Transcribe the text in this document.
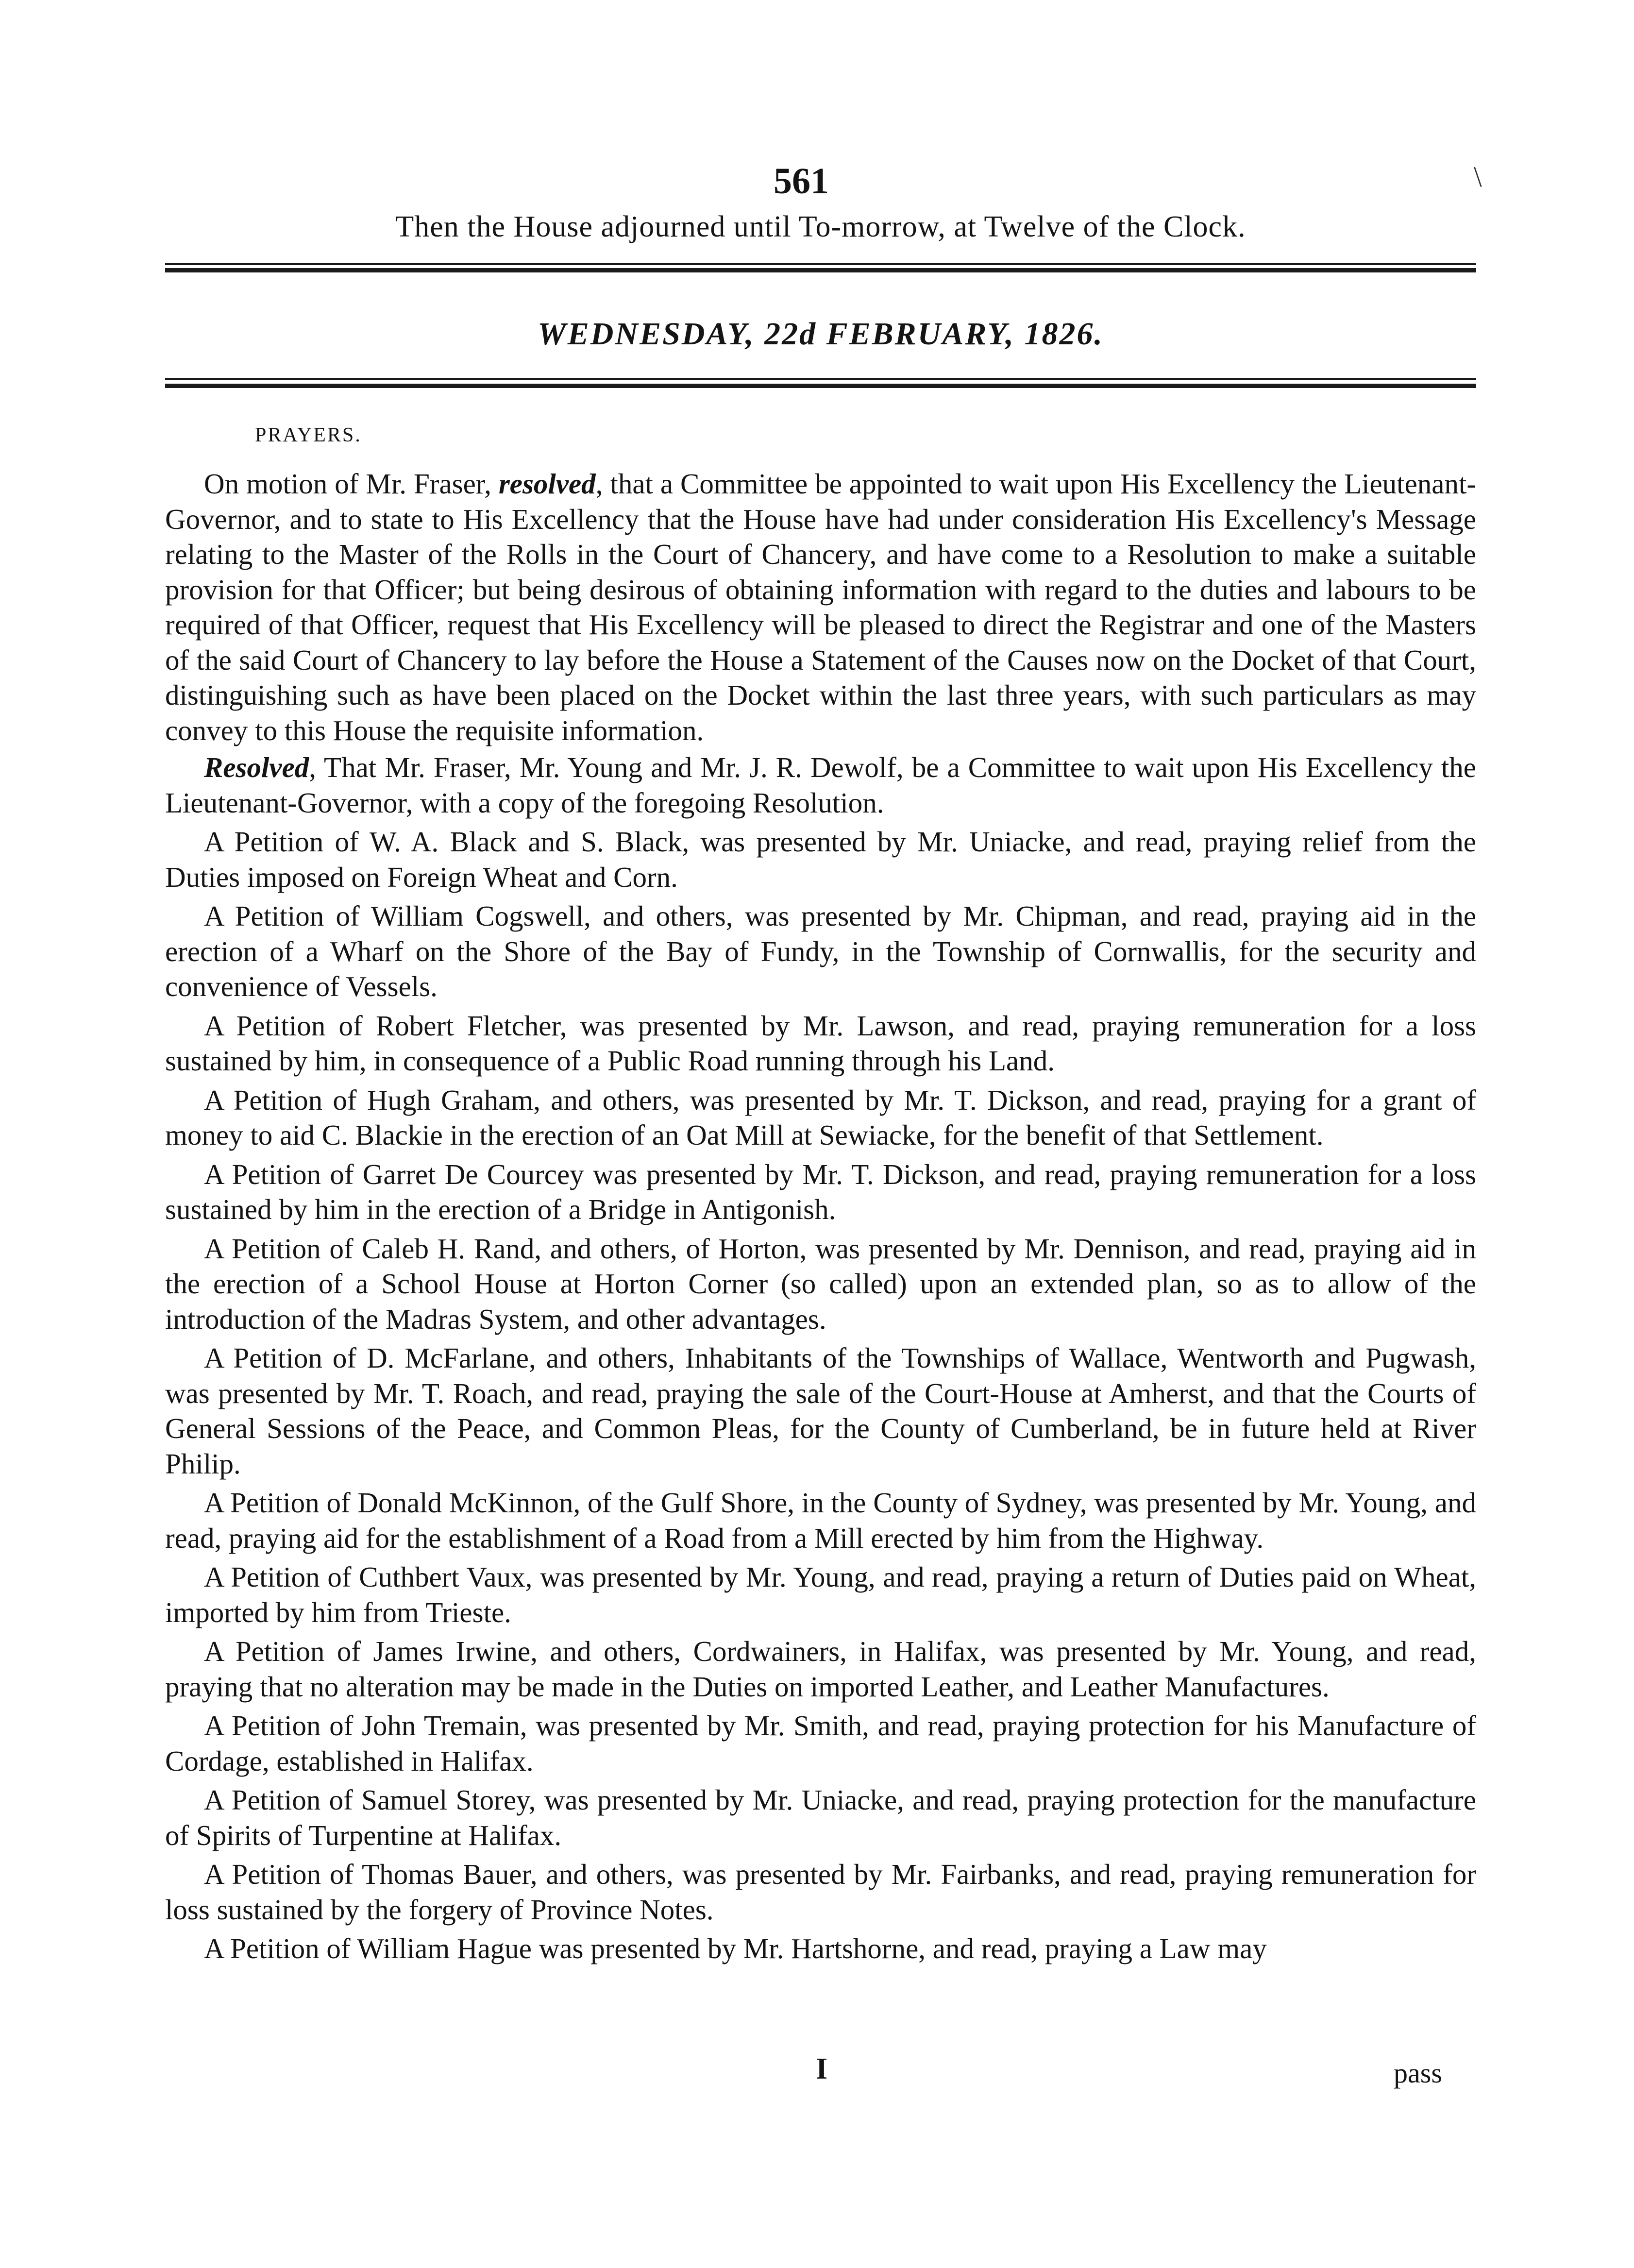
561	\
Then the House adjourned until To-morrow, at Twelve of the Clock.
WEDNESDAY, 22d FEBRUARY, 1826.
PRAYERS.

On motion of Mr. Fraser, resolved, that a Committee be appointed to wait upon His Excellency the Lieutenant-Governor, and to state to His Excellency that the House have had under consideration His Excellency's Message relating to the Master of the Rolls in the Court of Chancery, and have come to a Resolution to make a suitable provision for that Officer; but being desirous of obtaining information with regard to the duties and labours to be required of that Officer, request that His Excellency will be pleased to direct the Registrar and one of the Masters of the said Court of Chancery to lay before the House a Statement of the Causes now on the Docket of that Court, distinguishing such as have been placed on the Docket within the last three years, with such particulars as may convey to this House the requisite information.

Resolved, That Mr. Fraser, Mr. Young and Mr. J. R. Dewolf, be a Committee to wait upon His Excellency the Lieutenant-Governor, with a copy of the foregoing Resolution.

A Petition of W. A. Black and S. Black, was presented by Mr. Uniacke, and read, praying relief from the Duties imposed on Foreign Wheat and Corn.

A Petition of William Cogswell, and others, was presented by Mr. Chipman, and read, praying aid in the erection of a Wharf on the Shore of the Bay of Fundy, in the Township of Cornwallis, for the security and convenience of Vessels.

A Petition of Robert Fletcher, was presented by Mr. Lawson, and read, praying remuneration for a loss sustained by him, in consequence of a Public Road running through his Land.

A Petition of Hugh Graham, and others, was presented by Mr. T. Dickson, and read, praying for a grant of money to aid C. Blackie in the erection of an Oat Mill at Sewiacke, for the benefit of that Settlement.

A Petition of Garret De Courcey was presented by Mr. T. Dickson, and read, praying remuneration for a loss sustained by him in the erection of a Bridge in Antigonish.

A Petition of Caleb H. Rand, and others, of Horton, was presented by Mr. Dennison, and read, praying aid in the erection of a School House at Horton Corner (so called) upon an extended plan, so as to allow of the introduction of the Madras System, and other advantages.

A Petition of D. McFarlane, and others, Inhabitants of the Townships of Wallace, Wentworth and Pugwash, was presented by Mr. T. Roach, and read, praying the sale of the Court-House at Amherst, and that the Courts of General Sessions of the Peace, and Common Pleas, for the County of Cumberland, be in future held at River Philip.

A Petition of Donald McKinnon, of the Gulf Shore, in the County of Sydney, was presented by Mr. Young, and read, praying aid for the establishment of a Road from a Mill erected by him from the Highway.

A Petition of Cuthbert Vaux, was presented by Mr. Young, and read, praying a return of Duties paid on Wheat, imported by him from Trieste.

A Petition of James Irwine, and others, Cordwainers, in Halifax, was presented by Mr. Young, and read, praying that no alteration may be made in the Duties on imported Leather, and Leather Manufactures.

A Petition of John Tremain, was presented by Mr. Smith, and read, praying protection for his Manufacture of Cordage, established in Halifax.

A Petition of Samuel Storey, was presented by Mr. Uniacke, and read, praying protection for the manufacture of Spirits of Turpentine at Halifax.

A Petition of Thomas Bauer, and others, was presented by Mr. Fairbanks, and read, praying remuneration for loss sustained by the forgery of Province Notes.

A Petition of William Hague was presented by Mr. Hartshorne, and read, praying a Law may

I	pass
